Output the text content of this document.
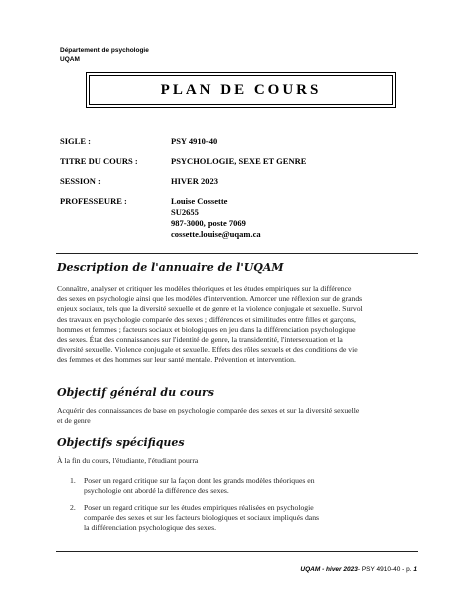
Département de psychologie
UQAM
PLAN DE COURS
SIGLE :	PSY 4910-40
TITRE DU COURS :	PSYCHOLOGIE, SEXE ET GENRE
SESSION :	HIVER 2023
PROFESSEURE :	Louise Cossette
SU2655
987-3000, poste 7069
cossette.louise@uqam.ca
Description de l'annuaire de l'UQAM
Connaître, analyser et critiquer les modèles théoriques et les études empiriques sur la différence
des sexes en psychologie ainsi que les modèles d'intervention. Amorcer une réflexion sur de grands
enjeux sociaux, tels que la diversité sexuelle et de genre et la violence conjugale et sexuelle. Survol
des travaux en psychologie comparée des sexes ; différences et similitudes entre filles et garçons,
hommes et femmes ; facteurs sociaux et biologiques en jeu dans la différenciation psychologique
des sexes. État des connaissances sur l'identité de genre, la transidentité, l'intersexuation et la
diversité sexuelle. Violence conjugale et sexuelle. Effets des rôles sexuels et des conditions de vie
des femmes et des hommes sur leur santé mentale. Prévention et intervention.
Objectif général du cours
Acquérir des connaissances de base en psychologie comparée des sexes et sur la diversité sexuelle
et de genre
Objectifs spécifiques
À la fin du cours, l'étudiante, l'étudiant pourra
1. Poser un regard critique sur la façon dont les grands modèles théoriques en
psychologie ont abordé la différence des sexes.
2. Poser un regard critique sur les études empiriques réalisées en psychologie
comparée des sexes et sur les facteurs biologiques et sociaux impliqués dans
la différenciation psychologique des sexes.
UQAM - hiver 2023- PSY 4910-40 - p. 1
